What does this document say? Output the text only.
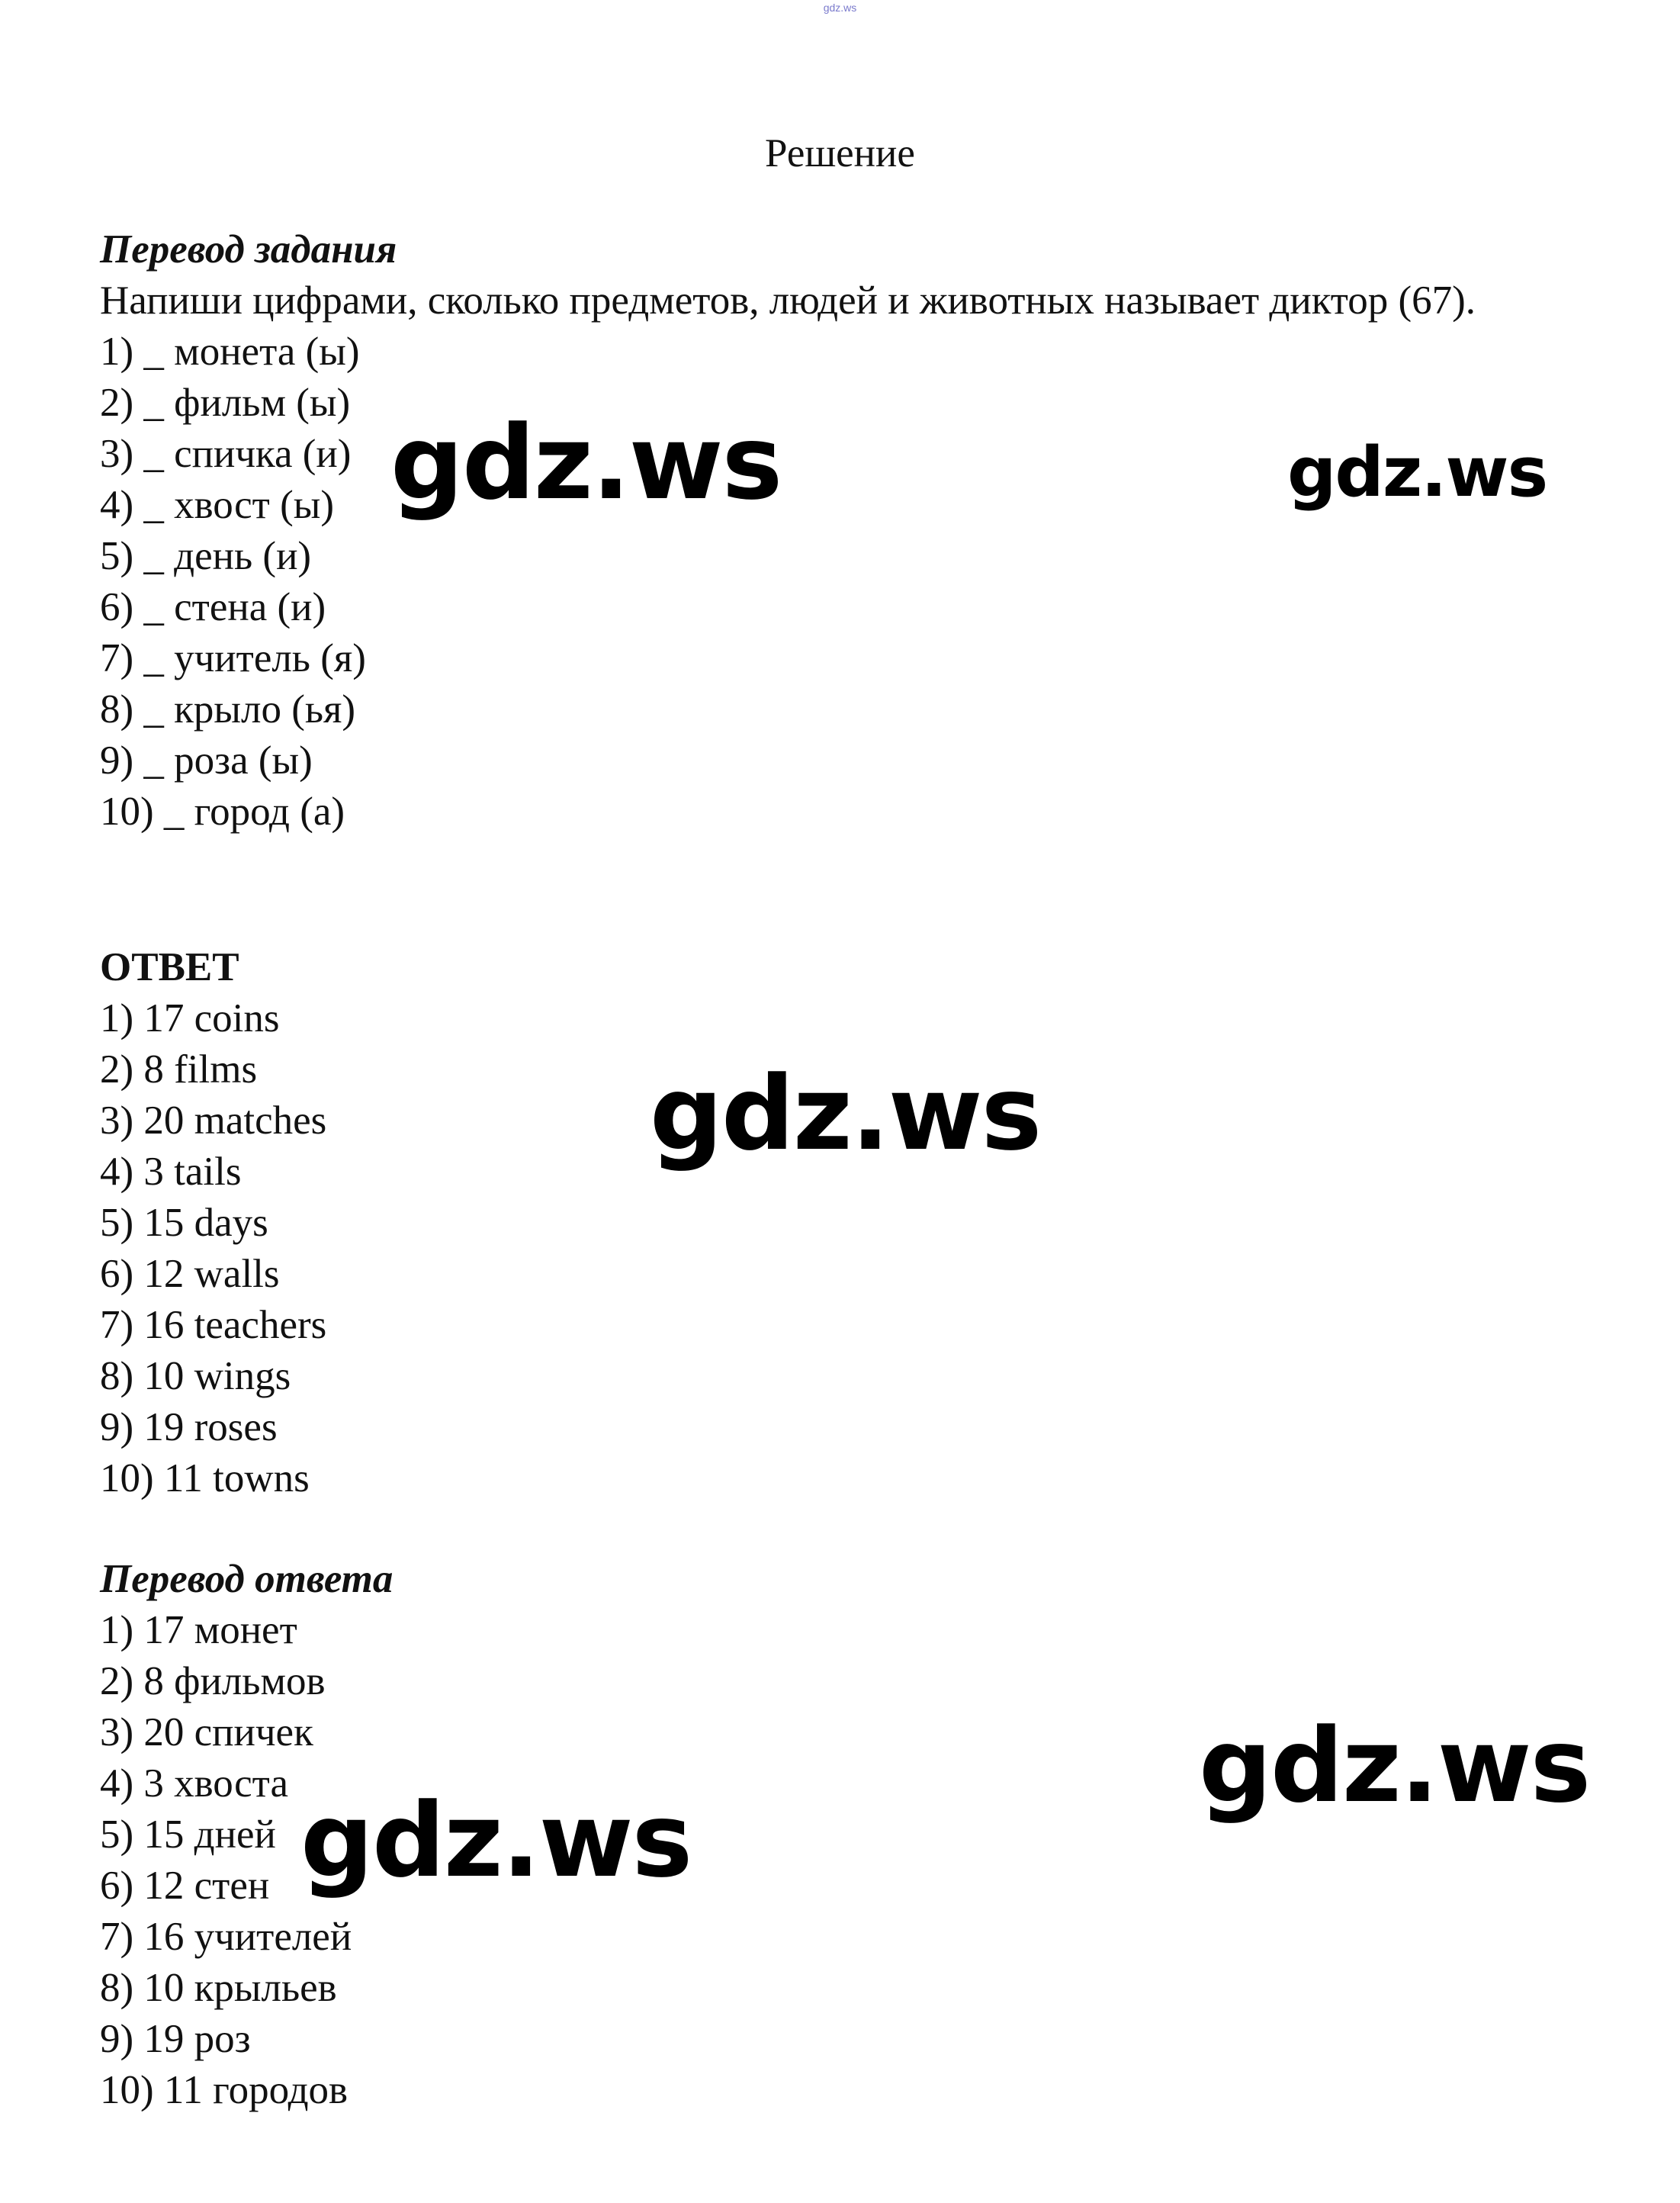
gdz.ws
Решение
Перевод задания
Напиши цифрами, сколько предметов, людей и животных называет диктор (67).
1) _ монета (ы)
2) _ фильм (ы)
3) _ спичка (и)
4) _ хвост (ы)
5) _ день (и)
6) _ стена (и)
7) _ учитель (я)
8) _ крыло (ья)
9) _ роза (ы)
10) _ город (а)
ОТВЕТ
1) 17 coins
2) 8 films
3) 20 matches
4) 3 tails
5) 15 days
6) 12 walls
7) 16 teachers
8) 10 wings
9) 19 roses
10) 11 towns
Перевод ответа
1) 17 монет
2) 8 фильмов
3) 20 спичек
4) 3 хвоста
5) 15 дней
6) 12 стен
7) 16 учителей
8) 10 крыльев
9) 19 роз
10) 11 городов
gdz.ws	gdz.ws
gdz.ws
gdz.ws
gdz.ws
